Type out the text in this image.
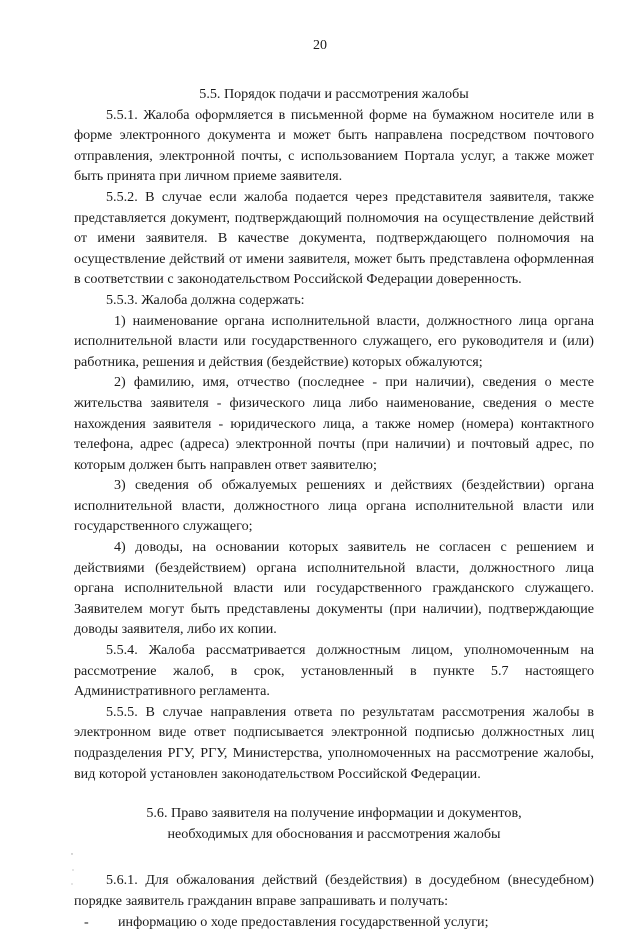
20

5.5. Порядок подачи и рассмотрения жалобы

5.5.1. Жалоба оформляется в письменной форме на бумажном носителе или в форме электронного документа и может быть направлена посредством почтового отправления, электронной почты, с использованием Портала услуг, а также может быть принята при личном приеме заявителя.

5.5.2. В случае если жалоба подается через представителя заявителя, также представляется документ, подтверждающий полномочия на осуществление действий от имени заявителя. В качестве документа, подтверждающего полномочия на осуществление действий от имени заявителя, может быть представлена оформленная в соответствии с законодательством Российской Федерации доверенность.

5.5.3. Жалоба должна содержать:

1) наименование органа исполнительной власти, должностного лица органа исполнительной власти или государственного служащего, его руководителя и (или) работника, решения и действия (бездействие) которых обжалуются;

2) фамилию, имя, отчество (последнее - при наличии), сведения о месте жительства заявителя - физического лица либо наименование, сведения о месте нахождения заявителя - юридического лица, а также номер (номера) контактного телефона, адрес (адреса) электронной почты (при наличии) и почтовый адрес, по которым должен быть направлен ответ заявителю;

3) сведения об обжалуемых решениях и действиях (бездействии) органа исполнительной власти, должностного лица органа исполнительной власти или государственного служащего;

4) доводы, на основании которых заявитель не согласен с решением и действиями (бездействием) органа исполнительной власти, должностного лица органа исполнительной власти или государственного гражданского служащего. Заявителем могут быть представлены документы (при наличии), подтверждающие доводы заявителя, либо их копии.

5.5.4. Жалоба рассматривается должностным лицом, уполномоченным на рассмотрение жалоб, в срок, установленный в пункте 5.7 настоящего Административного регламента.

5.5.5. В случае направления ответа по результатам рассмотрения жалобы в электронном виде ответ подписывается электронной подписью должностных лиц подразделения РГУ, РГУ, Министерства, уполномоченных на рассмотрение жалобы, вид которой установлен законодательством Российской Федерации.

5.6. Право заявителя на получение информации и документов,

необходимых для обоснования и рассмотрения жалобы

5.6.1. Для обжалования действий (бездействия) в досудебном (внесудебном) порядке заявитель гражданин вправе запрашивать и получать:

-	информацию о ходе предоставления государственной услуги;
